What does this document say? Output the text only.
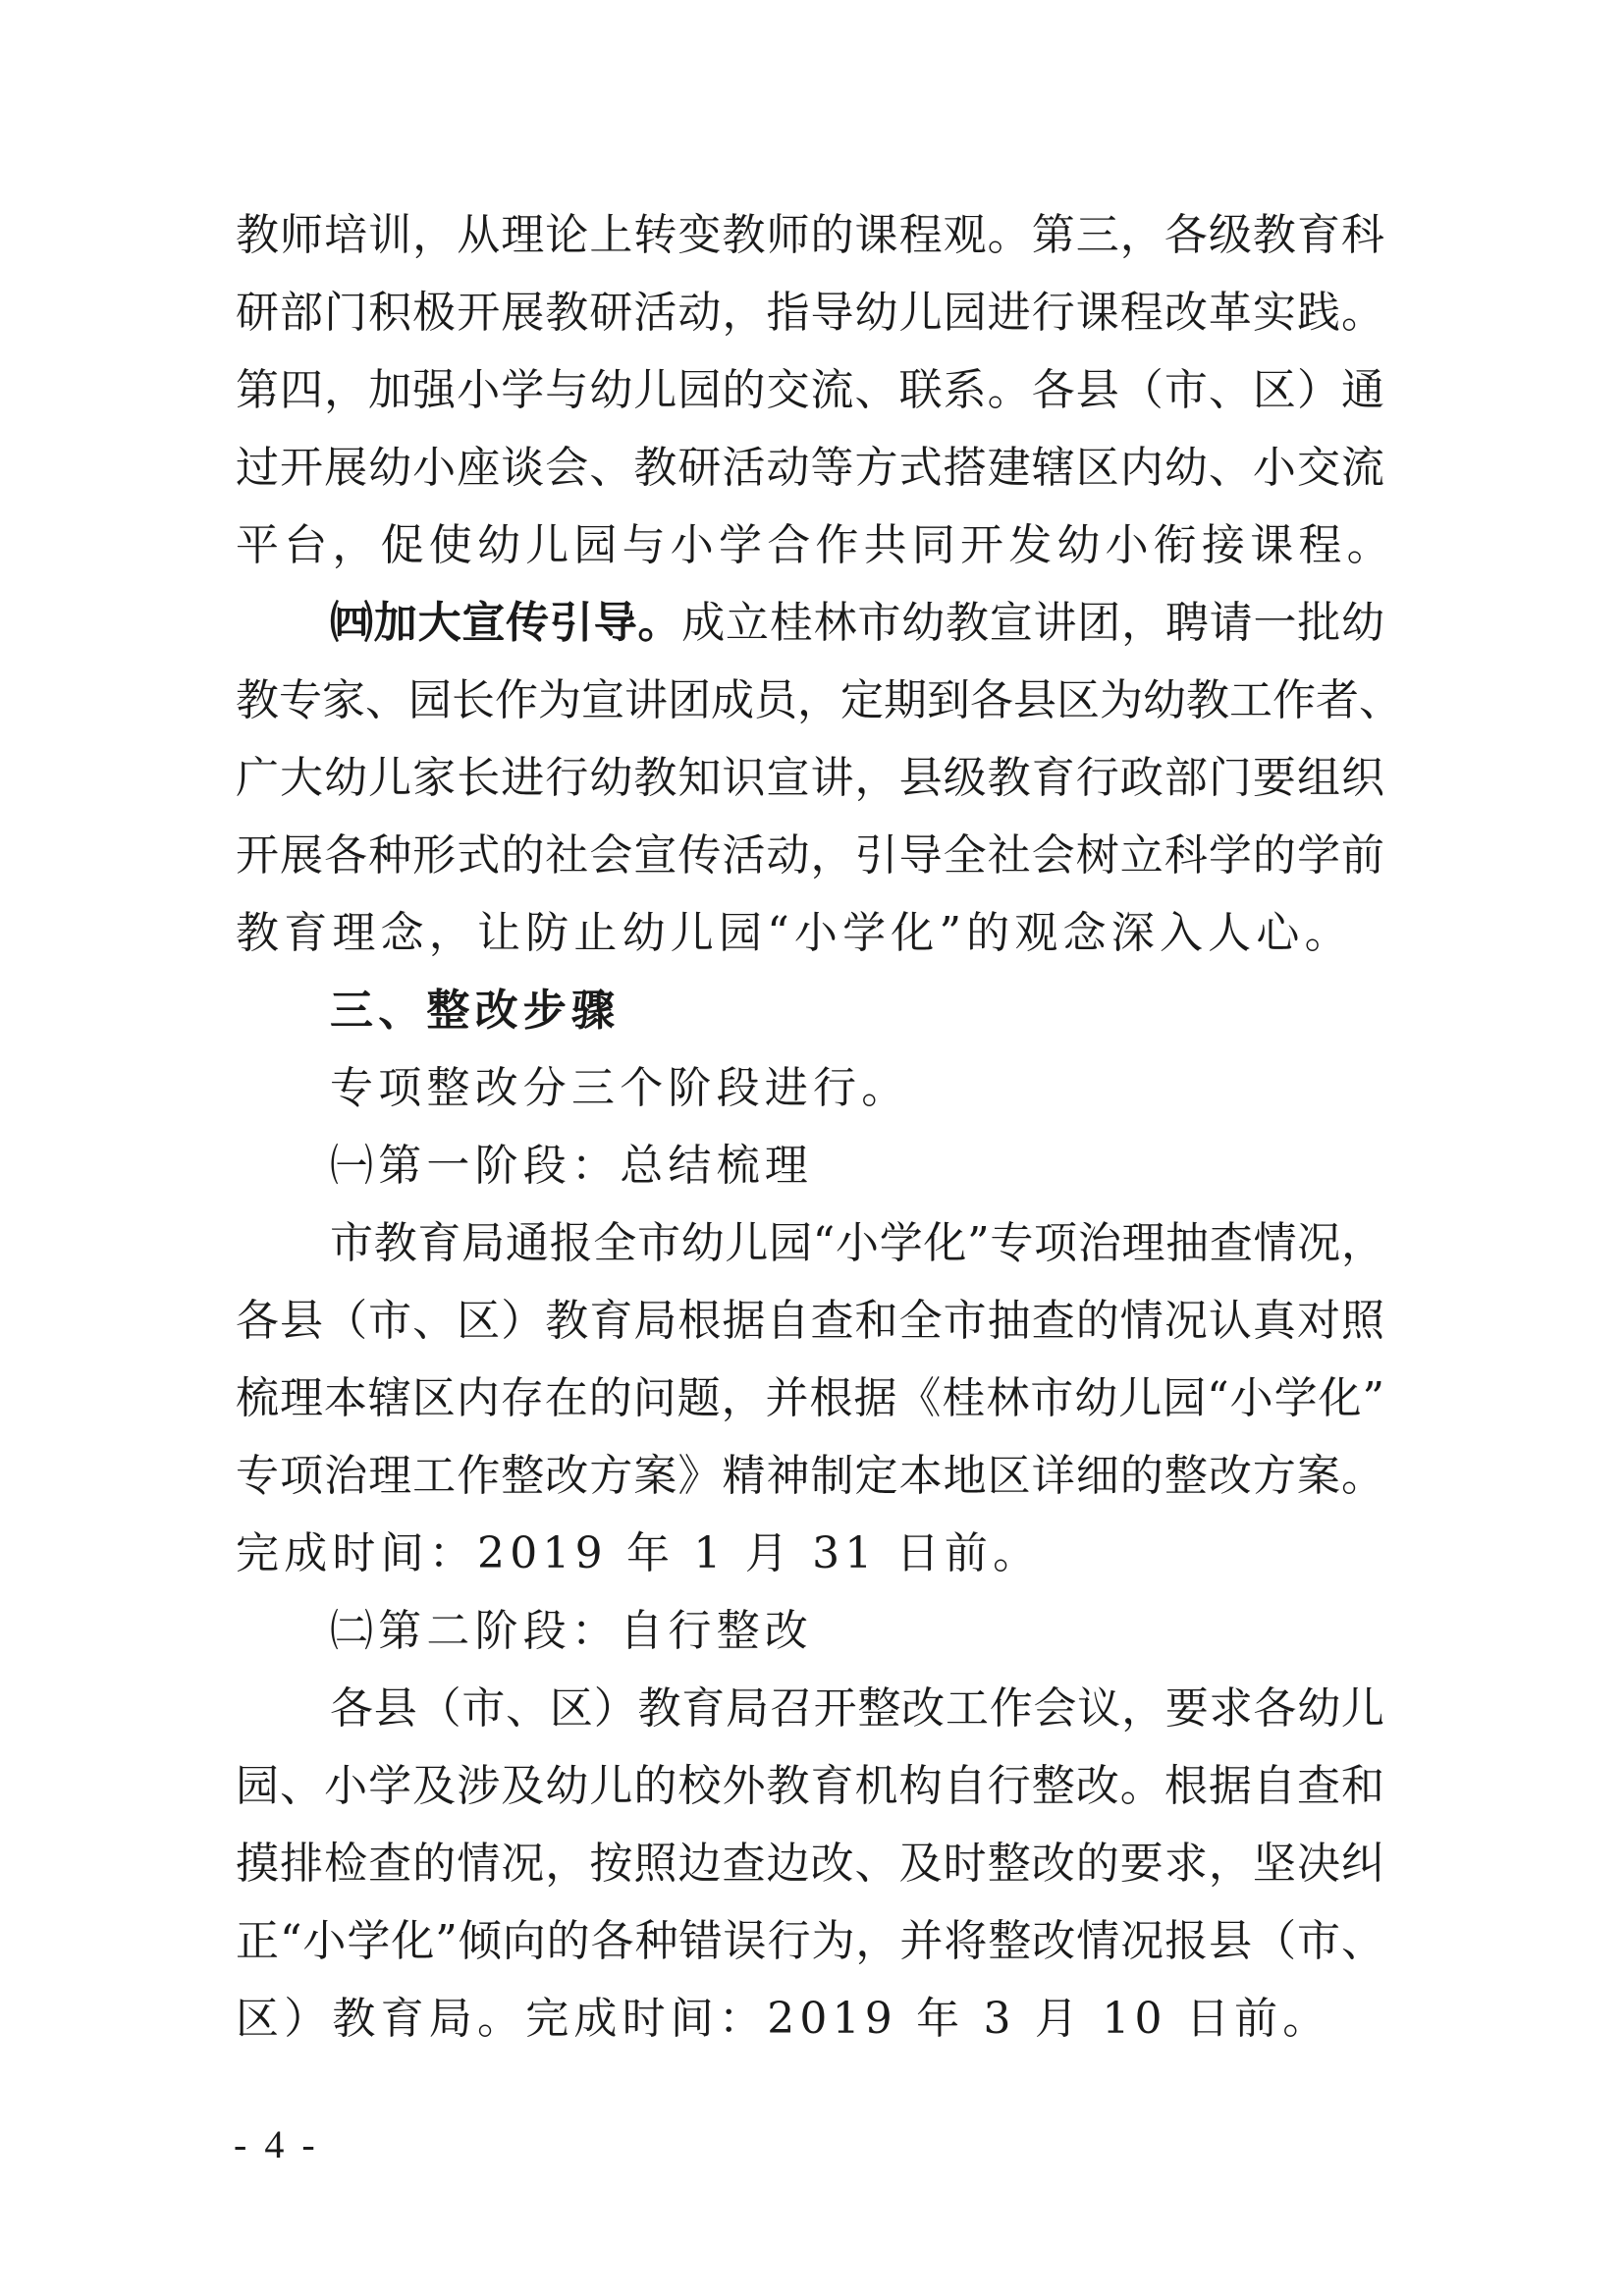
教师培训，从理论上转变教师的课程观。第三，各级教育科
研部门积极开展教研活动，指导幼儿园进行课程改革实践。
第四，加强小学与幼儿园的交流、联系。各县（市、区）通
过开展幼小座谈会、教研活动等方式搭建辖区内幼、小交流
平台，促使幼儿园与小学合作共同开发幼小衔接课程。
㈣加大宣传引导。成立桂林市幼教宣讲团，聘请一批幼
教专家、园长作为宣讲团成员，定期到各县区为幼教工作者、
广大幼儿家长进行幼教知识宣讲，县级教育行政部门要组织
开展各种形式的社会宣传活动，引导全社会树立科学的学前
教育理念，让防止幼儿园“小学化”的观念深入人心。
三、整改步骤
专项整改分三个阶段进行。
㈠第一阶段：总结梳理
市教育局通报全市幼儿园“小学化”专项治理抽查情况，
各县（市、区）教育局根据自查和全市抽查的情况认真对照
梳理本辖区内存在的问题，并根据《桂林市幼儿园“小学化”
专项治理工作整改方案》精神制定本地区详细的整改方案。
完成时间：2019 年 1 月 31 日前。
㈡第二阶段：自行整改
各县（市、区）教育局召开整改工作会议，要求各幼儿
园、小学及涉及幼儿的校外教育机构自行整改。根据自查和
摸排检查的情况，按照边查边改、及时整改的要求，坚决纠
正“小学化”倾向的各种错误行为，并将整改情况报县（市、
区）教育局。完成时间：2019 年 3 月 10 日前。
- 4 -
